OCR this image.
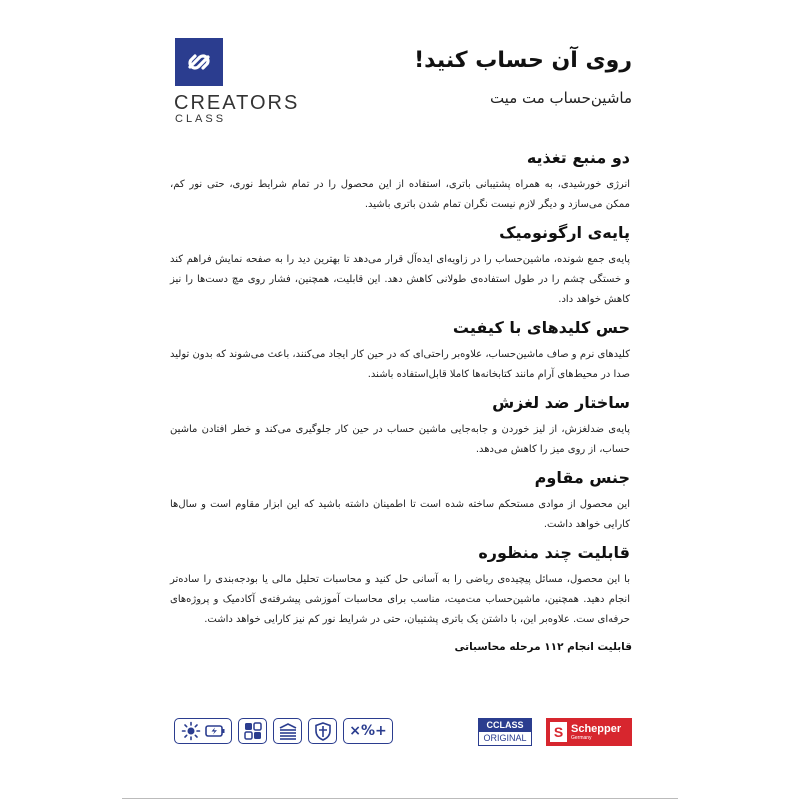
CREATORS
CLASS
روی آن حساب کنید!
ماشین‌حساب مت میت
دو منبع تغذیه

انرژی خورشیدی، به همراه پشتیبانی باتری، استفاده از این محصول را در تمام شرایط نوری، حتی نور کم، ممکن می‌سازد و دیگر لازم نیست نگران تمام شدن باتری باشید.

پایه‌ی ارگونومیک

پایه‌ی جمع شونده، ماشین‌حساب را در زاویه‌ای ایده‌آل قرار می‌دهد تا بهترین دید را به صفحه نمایش فراهم کند و خستگی چشم را در طول استفاده‌ی طولانی کاهش دهد. این قابلیت، همچنین، فشار روی مچ دست‌ها را نیز کاهش خواهد داد.

حس کلیدهای با کیفیت

کلیدهای نرم و صاف ماشین‌حساب، علاوه‌بر راحتی‌ای که در حین کار ایجاد می‌کنند، باعث می‌شوند که بدون تولید صدا در محیط‌های آرام مانند کتابخانه‌ها کاملا قابل‌استفاده باشند.

ساختار ضد لغزش

پایه‌ی ضدلغزش، از لیز خوردن و جابه‌جایی ماشین حساب در حین کار جلوگیری می‌کند و خطر افتادن ماشین حساب، از روی میز را کاهش می‌دهد.

جنس مقاوم

این محصول از موادی مستحکم ساخته شده است تا اطمینان داشته باشید که این ابزار مقاوم است و سال‌ها کارایی خواهد داشت.

قابلیت چند منظوره

با این محصول، مسائل پیچیده‌ی ریاضی را به آسانی حل کنید و محاسبات تحلیل مالی یا بودجه‌بندی را ساده‌تر انجام دهید. همچنین، ماشین‌حساب مت‌میت، مناسب برای محاسبات آموزشی پیشرفته‌ی آکادمیک و پروژه‌های حرفه‌ای ست. علاوه‌بر این، با داشتن یک باتری پشتیبان، حتی در شرایط نور کم نیز کارایی خواهد داشت.

قابلیت انجام ۱۱۲ مرحله محاسباتی
×%+	CCLASS
ORIGINAL	S Schepper
Germany
